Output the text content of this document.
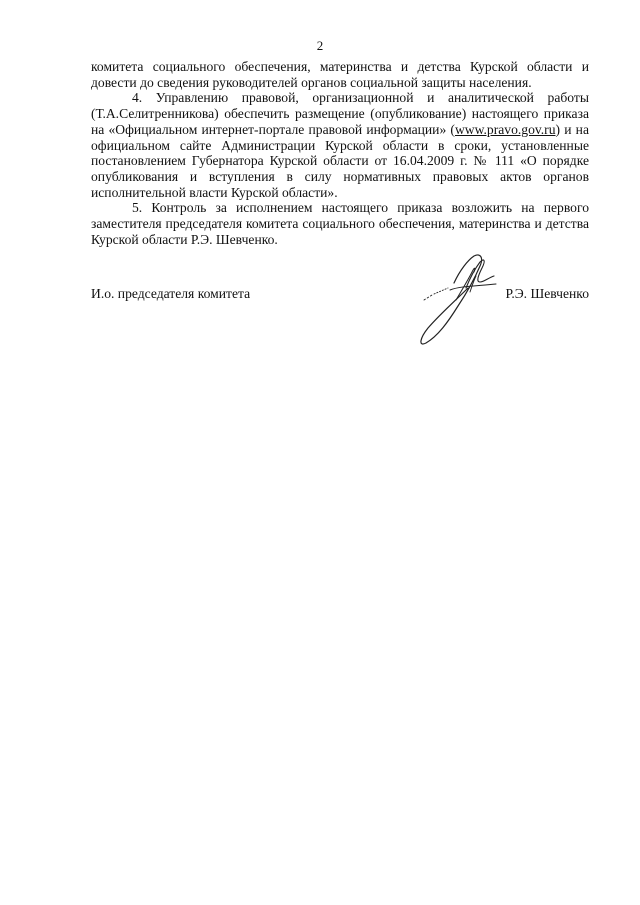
2

комитета социального обеспечения, материнства и детства Курской области и довести до сведения руководителей органов социальной защиты населения.

4. Управлению правовой, организационной и аналитической работы (Т.А.Селитренникова) обеспечить размещение (опубликование) настоящего приказа на «Официальном интернет-портале правовой информации» (www.pravo.gov.ru) и на официальном сайте Администрации Курской области в сроки, установленные постановлением Губернатора Курской области от 16.04.2009 г. № 111 «О порядке опубликования и вступления в силу нормативных правовых актов органов исполнительной власти Курской области».

5. Контроль за исполнением настоящего приказа возложить на первого заместителя председателя комитета социального обеспечения, материнства и детства Курской области Р.Э. Шевченко.

И.о. председателя комитета	Р.Э. Шевченко
